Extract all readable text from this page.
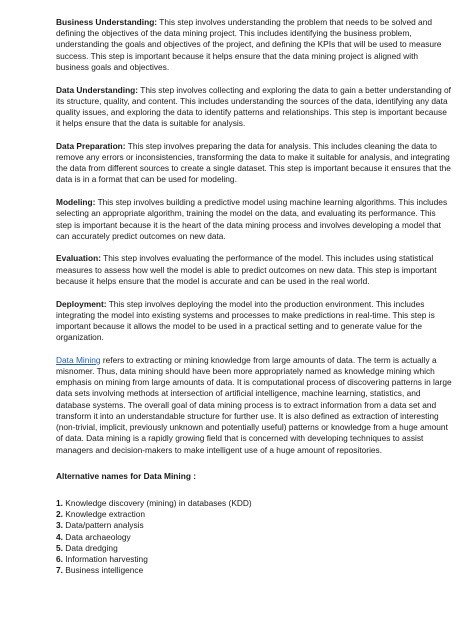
Business Understanding: This step involves understanding the problem that needs to be solved and defining the objectives of the data mining project. This includes identifying the business problem, understanding the goals and objectives of the project, and defining the KPIs that will be used to measure success. This step is important because it helps ensure that the data mining project is aligned with business goals and objectives.

Data Understanding: This step involves collecting and exploring the data to gain a better understanding of its structure, quality, and content. This includes understanding the sources of the data, identifying any data quality issues, and exploring the data to identify patterns and relationships. This step is important because it helps ensure that the data is suitable for analysis.

Data Preparation: This step involves preparing the data for analysis. This includes cleaning the data to remove any errors or inconsistencies, transforming the data to make it suitable for analysis, and integrating the data from different sources to create a single dataset. This step is important because it ensures that the data is in a format that can be used for modeling.

Modeling: This step involves building a predictive model using machine learning algorithms. This includes selecting an appropriate algorithm, training the model on the data, and evaluating its performance. This step is important because it is the heart of the data mining process and involves developing a model that can accurately predict outcomes on new data.

Evaluation: This step involves evaluating the performance of the model. This includes using statistical measures to assess how well the model is able to predict outcomes on new data. This step is important because it helps ensure that the model is accurate and can be used in the real world.

Deployment: This step involves deploying the model into the production environment. This includes integrating the model into existing systems and processes to make predictions in real-time. This step is important because it allows the model to be used in a practical setting and to generate value for the organization.

Data Mining refers to extracting or mining knowledge from large amounts of data. The term is actually a misnomer. Thus, data mining should have been more appropriately named as knowledge mining which emphasis on mining from large amounts of data. It is computational process of discovering patterns in large data sets involving methods at intersection of artificial intelligence, machine learning, statistics, and database systems. The overall goal of data mining process is to extract information from a data set and transform it into an understandable structure for further use. It is also defined as extraction of interesting (non-trivial, implicit, previously unknown and potentially useful) patterns or knowledge from a huge amount of data. Data mining is a rapidly growing field that is concerned with developing techniques to assist managers and decision-makers to make intelligent use of a huge amount of repositories.

Alternative names for Data Mining :
1. Knowledge discovery (mining) in databases (KDD)
2. Knowledge extraction
3. Data/pattern analysis
4. Data archaeology
5. Data dredging
6. Information harvesting
7. Business intelligence
